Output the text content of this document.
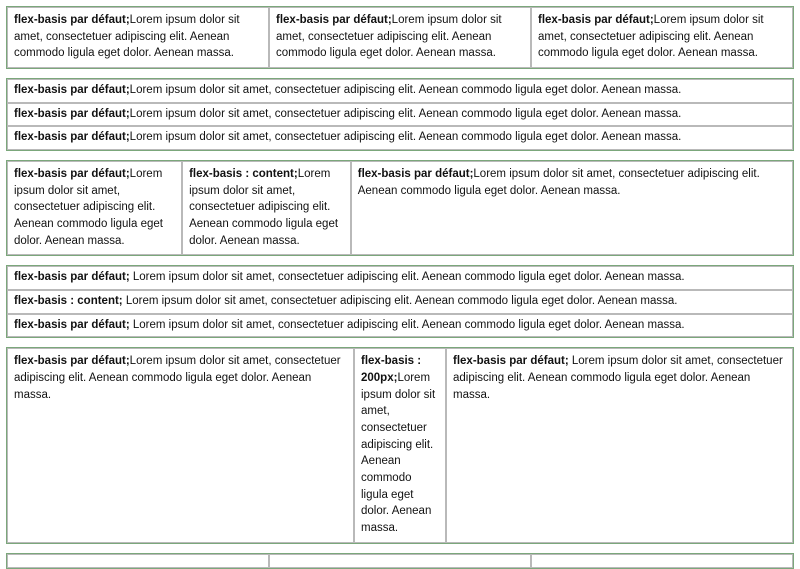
flex-basis par défaut;Lorem ipsum dolor sit amet, consectetuer adipiscing elit. Aenean commodo ligula eget dolor. Aenean massa.
flex-basis par défaut;Lorem ipsum dolor sit amet, consectetuer adipiscing elit. Aenean commodo ligula eget dolor. Aenean massa.
flex-basis par défaut;Lorem ipsum dolor sit amet, consectetuer adipiscing elit. Aenean commodo ligula eget dolor. Aenean massa.
flex-basis par défaut;Lorem ipsum dolor sit amet, consectetuer adipiscing elit. Aenean commodo ligula eget dolor. Aenean massa.
flex-basis par défaut;Lorem ipsum dolor sit amet, consectetuer adipiscing elit. Aenean commodo ligula eget dolor. Aenean massa.
flex-basis par défaut;Lorem ipsum dolor sit amet, consectetuer adipiscing elit. Aenean commodo ligula eget dolor. Aenean massa.
flex-basis par défaut;Lorem ipsum dolor sit amet, consectetuer adipiscing elit. Aenean commodo ligula eget dolor. Aenean massa.
flex-basis : content;Lorem ipsum dolor sit amet, consectetuer adipiscing elit. Aenean commodo ligula eget dolor. Aenean massa.
flex-basis par défaut;Lorem ipsum dolor sit amet, consectetuer adipiscing elit. Aenean commodo ligula eget dolor. Aenean massa.
flex-basis par défaut; Lorem ipsum dolor sit amet, consectetuer adipiscing elit. Aenean commodo ligula eget dolor. Aenean massa.
flex-basis : content; Lorem ipsum dolor sit amet, consectetuer adipiscing elit. Aenean commodo ligula eget dolor. Aenean massa.
flex-basis par défaut; Lorem ipsum dolor sit amet, consectetuer adipiscing elit. Aenean commodo ligula eget dolor. Aenean massa.
flex-basis par défaut;Lorem ipsum dolor sit amet, consectetuer adipiscing elit. Aenean commodo ligula eget dolor. Aenean massa.
flex-basis : 200px;Lorem ipsum dolor sit amet, consectetuer adipiscing elit. Aenean commodo ligula eget dolor. Aenean massa.
flex-basis par défaut; Lorem ipsum dolor sit amet, consectetuer adipiscing elit. Aenean commodo ligula eget dolor. Aenean massa.
